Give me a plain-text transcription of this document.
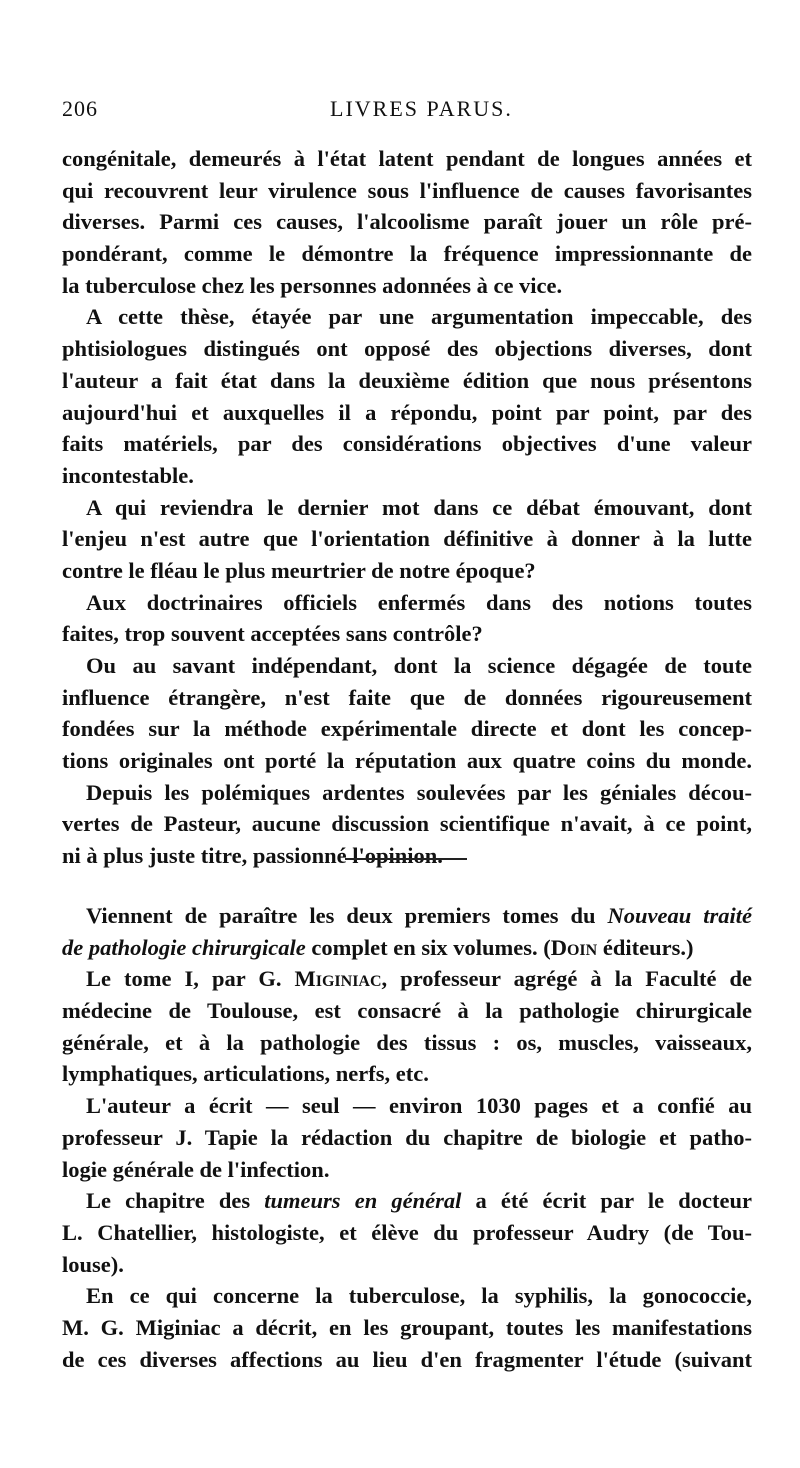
206	LIVRES PARUS.
congénitale, demeurés à l'état latent pendant de longues années et
qui recouvrent leur virulence sous l'influence de causes favorisantes
diverses. Parmi ces causes, l'alcoolisme paraît jouer un rôle pré-
pondérant, comme le démontre la fréquence impressionnante de
la tuberculose chez les personnes adonnées à ce vice.
A cette thèse, étayée par une argumentation impeccable, des
phtisiologues distingués ont opposé des objections diverses, dont
l'auteur a fait état dans la deuxième édition que nous présentons
aujourd'hui et auxquelles il a répondu, point par point, par des
faits matériels, par des considérations objectives d'une valeur
incontestable.
A qui reviendra le dernier mot dans ce débat émouvant, dont
l'enjeu n'est autre que l'orientation définitive à donner à la lutte
contre le fléau le plus meurtrier de notre époque?
Aux doctrinaires officiels enfermés dans des notions toutes
faites, trop souvent acceptées sans contrôle?
Ou au savant indépendant, dont la science dégagée de toute
influence étrangère, n'est faite que de données rigoureusement
fondées sur la méthode expérimentale directe et dont les concep-
tions originales ont porté la réputation aux quatre coins du monde.
Depuis les polémiques ardentes soulevées par les géniales décou-
vertes de Pasteur, aucune discussion scientifique n'avait, à ce point,
ni à plus juste titre, passionné l'opinion.
Viennent de paraître les deux premiers tomes du Nouveau traité
de pathologie chirurgicale complet en six volumes. (Doin éditeurs.)
Le tome I, par G. Miginiac, professeur agrégé à la Faculté de
médecine de Toulouse, est consacré à la pathologie chirurgicale
générale, et à la pathologie des tissus : os, muscles, vaisseaux,
lymphatiques, articulations, nerfs, etc.
L'auteur a écrit — seul — environ 1030 pages et a confié au
professeur J. Tapie la rédaction du chapitre de biologie et patho-
logie générale de l'infection.
Le chapitre des tumeurs en général a été écrit par le docteur
L. Chatellier, histologiste, et élève du professeur Audry (de Tou-
louse).
En ce qui concerne la tuberculose, la syphilis, la gonococcie,
M. G. Miginiac a décrit, en les groupant, toutes les manifestations
de ces diverses affections au lieu d'en fragmenter l'étude (suivant
